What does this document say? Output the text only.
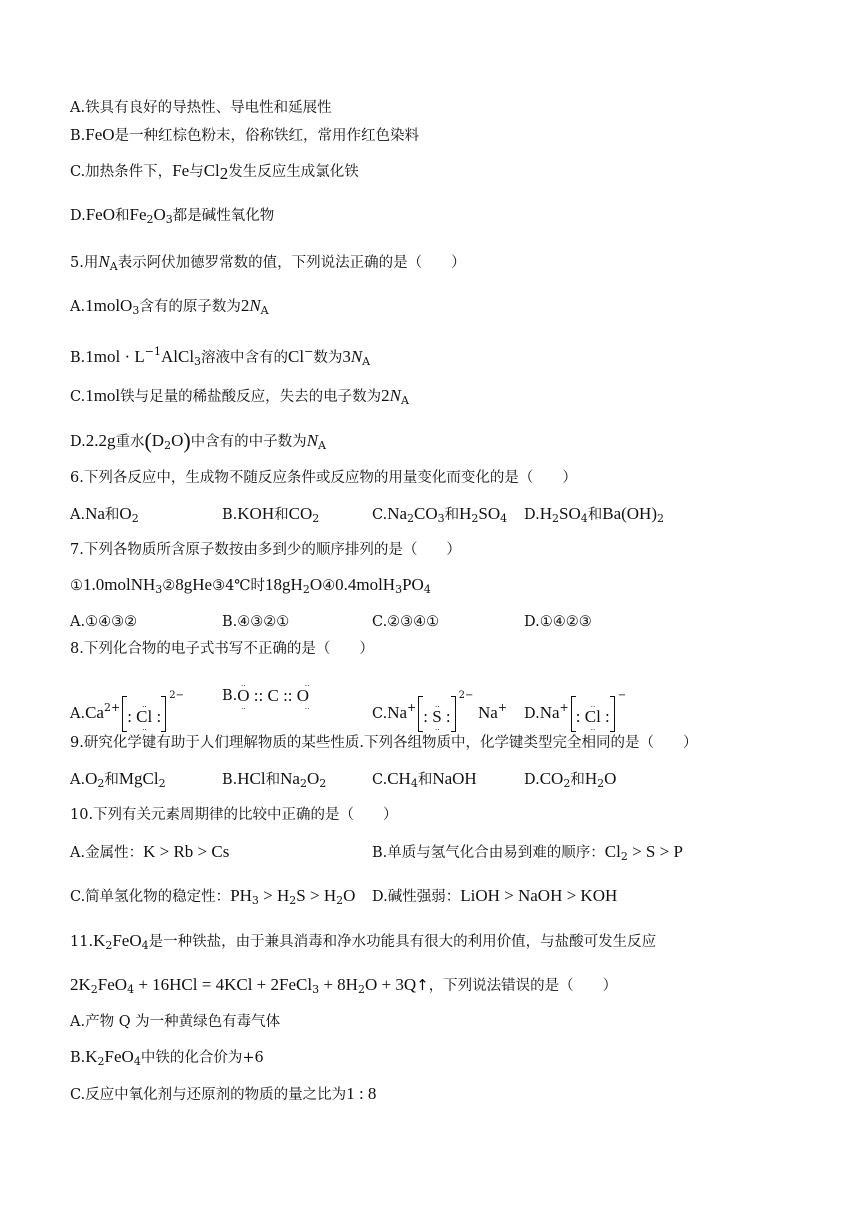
A.铁具有良好的导热性、导电性和延展性
B.FeO是一种红棕色粉末，俗称铁红，常用作红色染料
C.加热条件下，Fe与$Cl_2$发生反应生成氯化铁
D.FeO和$Fe_2O_3$都是碱性氧化物
5.用$N_A$表示阿伏加德罗常数的值，下列说法正确的是（　　）
A.1molO$_3$含有的原子数为$2N_A$
$B.1mol \cdot L^{-1}AlCl_3$溶液中含有的Cl−数为$3N_A$
C.1mol铁与足量的稀盐酸反应，失去的电子数为$2N_A$
D.2.2g重水$(D_2O)$中含有的中子数为$N_A$
6.下列各反应中，生成物不随反应条件或反应物的用量变化而变化的是（　　）
A.Na和$O_2$	B.KOH和$CO_2$	$C.Na_2CO_3$和$H_2SO_4$ $D.H_2SO_4$和$Ba(OH)_2$
7.下列各物质所含原子数按由多到少的顺序排列的是（　　）
①1.0molNH$_3$②8gHe③4℃时$18gH_2O④0.4molH_3PO_4$
A.①④③②	B.④③②①	C.②③④①	D.①④②③
8.下列化合物的电子式书写不正确的是（　　）
$A.Ca^{2+}$	‥
: Cl :
‥
$^{2-}$	B.
‥	‥
O :: C :: O
‥	‥	C.Na+	‥
: S :
‥
$^{2-}$ Na+ D.Na+	‥
: Cl :
‥
−
9.研究化学键有助于人们理解物质的某些性质.下列各组物质中，化学键类型完全相同的是（　　）
$A.O_2$和MgCl$_2$	B.HCl和$Na_2O_2$	$C.CH_4$和NaOH	$D.CO_2$和$H_2O$
10.下列有关元素周期律的比较中正确的是（　　）
A.金属性：K > Rb > Cs	B.单质与氢气化合由易到难的顺序：$Cl_2 > S > P$
C.简单氢化物的稳定性：$PH_3 > H_2S > H_2O$ D.碱性强弱：LiOH > NaOH > KOH
$11.K_2FeO_4$是一种铁盐，由于兼具消毒和净水功能具有很大的利用价值，与盐酸可发生反应
$2K_2FeO_4 + 16HCl = 4KCl$ + 2FeCl$_3$ + $8H_2O$ + 3Q↑，下列说法错误的是（　　）
A.产物 Q 为一种黄绿色有毒气体
$B.K_2FeO_4$中铁的化合价为+6
C.反应中氧化剂与还原剂的物质的量之比为1 : 8
